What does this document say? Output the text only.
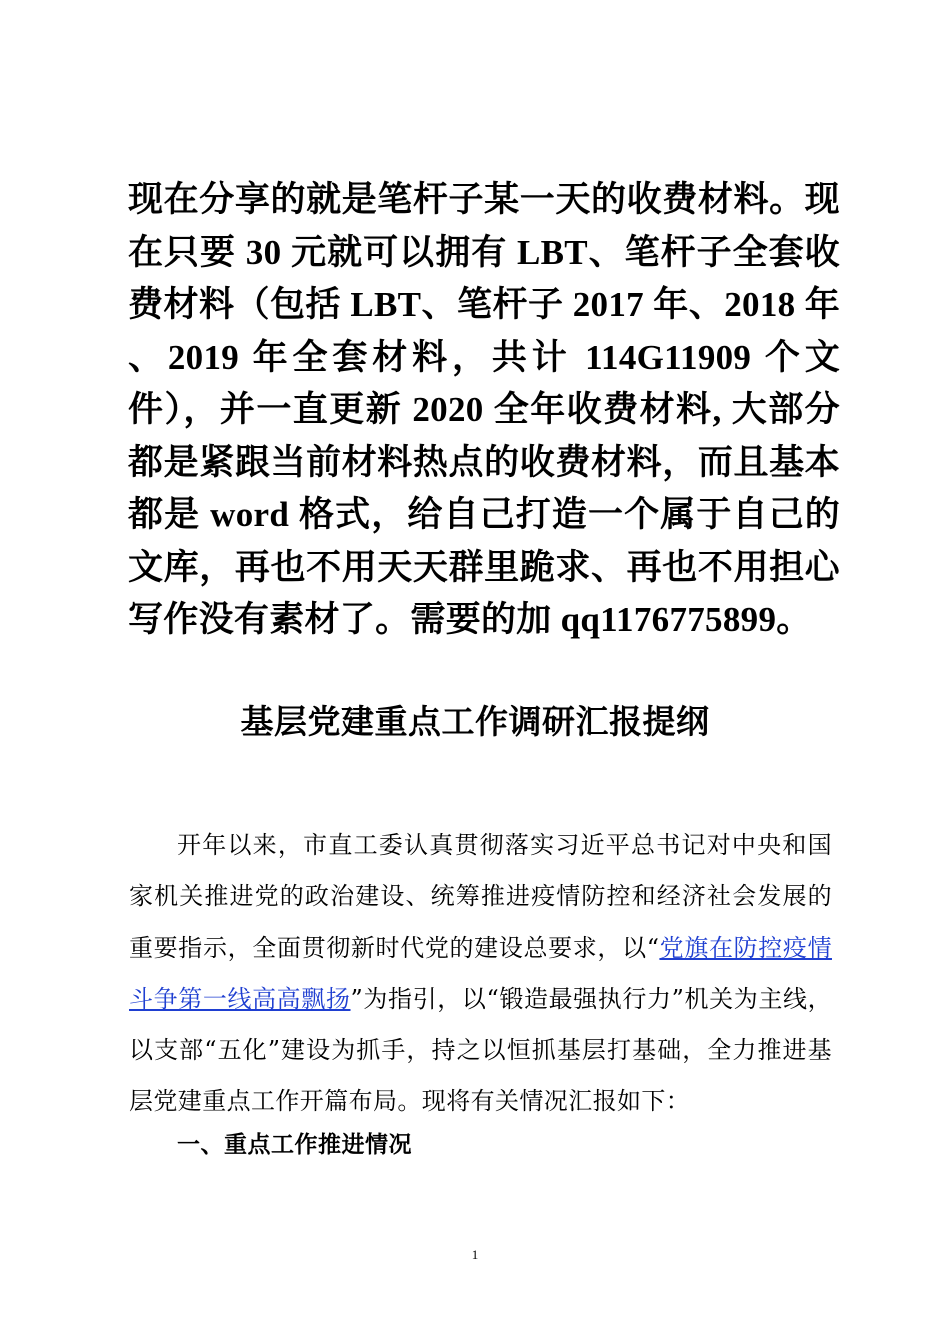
现在分享的就是笔杆子某一天的收费材料。现在只要 30 元就可以拥有 LBT、笔杆子全套收费材料（包括 LBT、笔杆子 2017 年、2018 年 、2019 年全套材料，共计 114G11909 个文件），并一直更新 2020 全年收费材料, 大部分都是紧跟当前材料热点的收费材料，而且基本都是 word 格式，给自己打造一个属于自己的文库，再也不用天天群里跪求、再也不用担心写作没有素材了。需要的加 qq1176775899。

基层党建重点工作调研汇报提纲

开年以来，市直工委认真贯彻落实习近平总书记对中央和国家机关推进党的政治建设、统筹推进疫情防控和经济社会发展的重要指示，全面贯彻新时代党的建设总要求，以“党旗在防控疫情斗争第一线高高飘扬”为指引，以“锻造最强执行力”机关为主线，以支部“五化”建设为抓手，持之以恒抓基层打基础，全力推进基层党建重点工作开篇布局。现将有关情况汇报如下：

一、重点工作推进情况
1
